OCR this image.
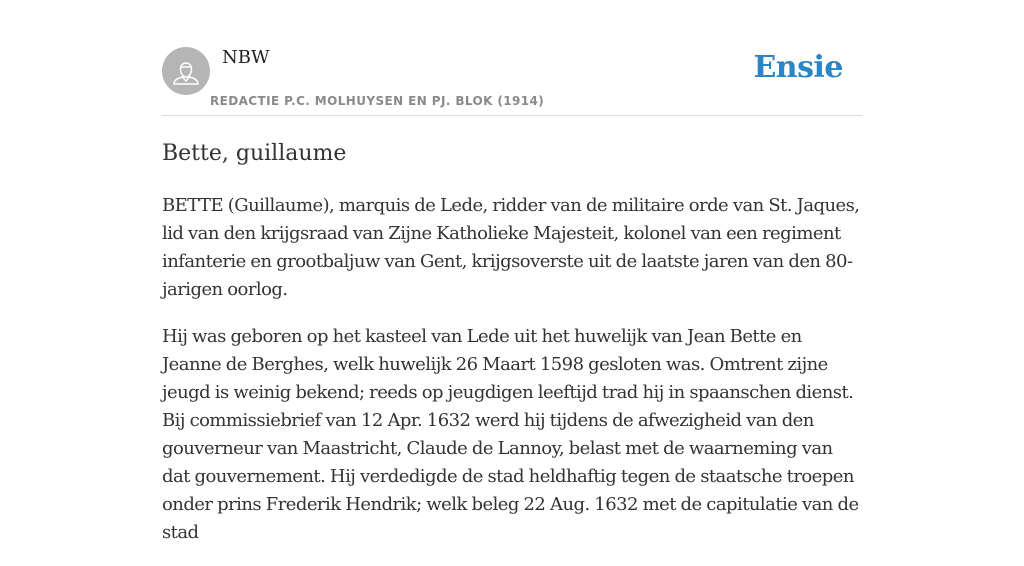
NBW
REDACTIE P.C. MOLHUYSEN EN PJ. BLOK (1914)
Ensie
Bette, guillaume

BETTE (Guillaume), marquis de Lede, ridder van de militaire orde van St. Jaques, lid van den krijgsraad van Zijne Katholieke Majesteit, kolonel van een regiment infanterie en grootbaljuw van Gent, krijgsoverste uit de laatste jaren van den 80-jarigen oorlog.

Hij was geboren op het kasteel van Lede uit het huwelijk van Jean Bette en Jeanne de Berghes, welk huwelijk 26 Maart 1598 gesloten was. Omtrent zijne jeugd is weinig bekend; reeds op jeugdigen leeftijd trad hij in spaanschen dienst. Bij commissiebrief van 12 Apr. 1632 werd hij tijdens de afwezigheid van den gouverneur van Maastricht, Claude de Lannoy, belast met de waarneming van dat gouvernement. Hij verdedigde de stad heldhaftig tegen de staatsche troepen onder prins Frederik Hendrik; welk beleg 22 Aug. 1632 met de capitulatie van de stad
